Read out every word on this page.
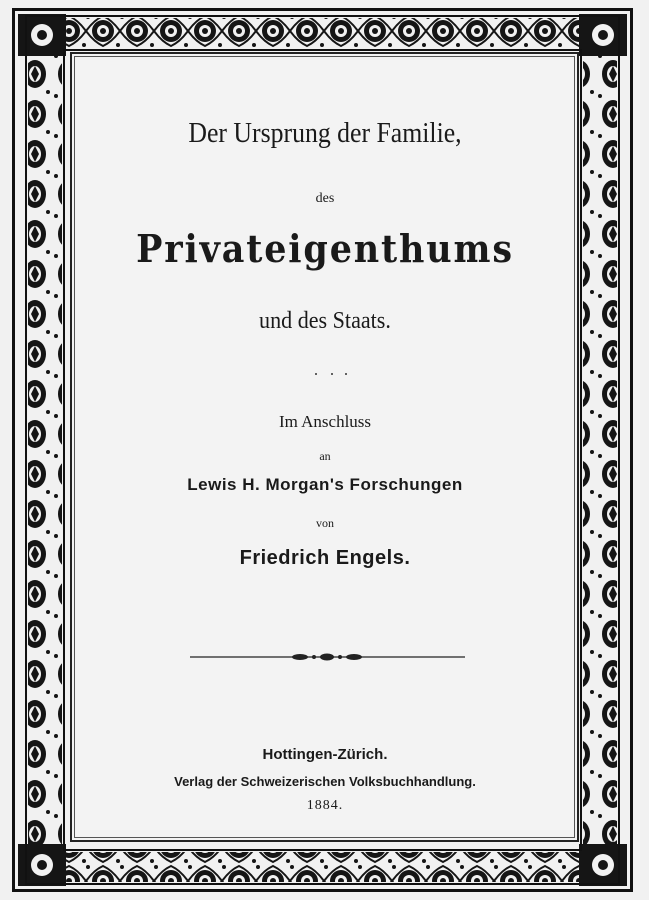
Der Ursprung der Familie,
des
Privateigenthums
und des Staats.
Im Anschluss
an
Lewis H. Morgan's Forschungen
von
Friedrich Engels.
Hottingen-Zürich.
Verlag der Schweizerischen Volksbuchhandlung.
1884.
